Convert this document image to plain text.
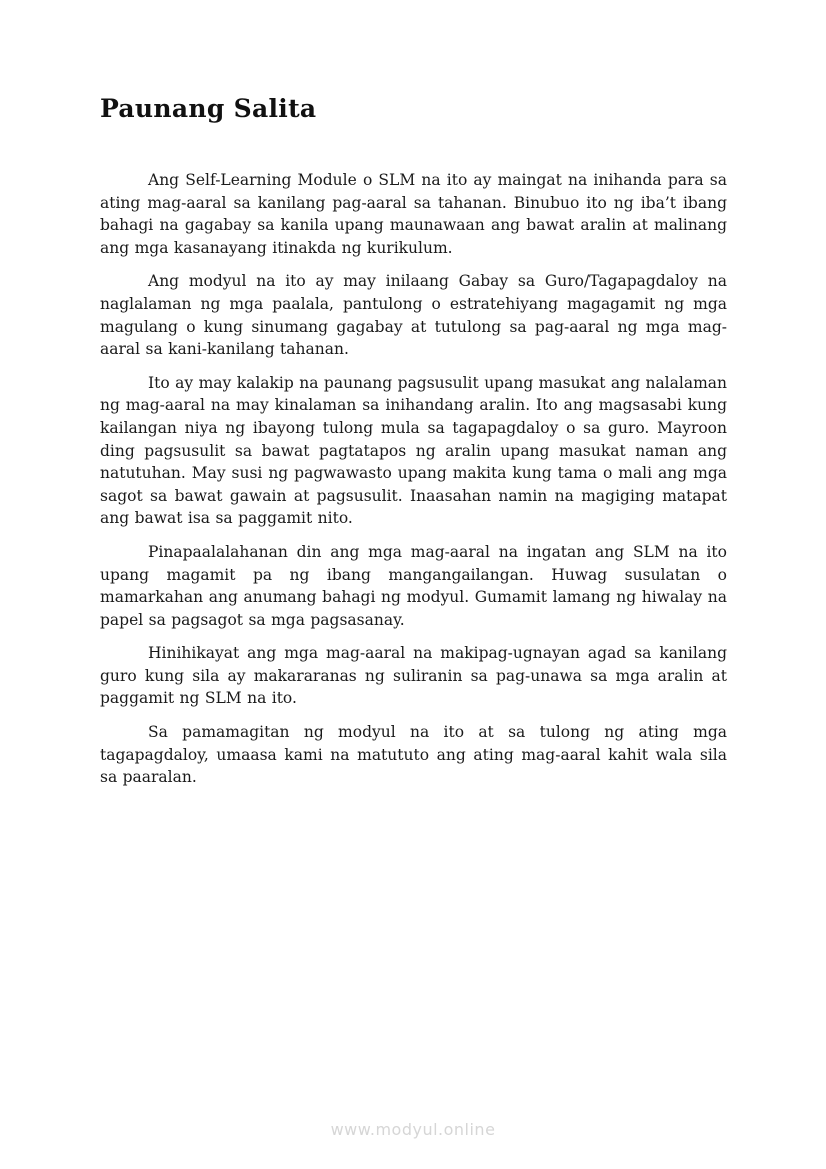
Paunang Salita

Ang Self-Learning Module o SLM na ito ay maingat na inihanda para sa ating mag-aaral sa kanilang pag-aaral sa tahanan. Binubuo ito ng iba’t ibang bahagi na gagabay sa kanila upang maunawaan ang bawat aralin at malinang ang mga kasanayang itinakda ng kurikulum.

Ang modyul na ito ay may inilaang Gabay sa Guro/Tagapagdaloy na naglalaman ng mga paalala, pantulong o estratehiyang magagamit ng mga magulang o kung sinumang gagabay at tutulong sa pag-aaral ng mga mag-aaral sa kani-kanilang tahanan.

Ito ay may kalakip na paunang pagsusulit upang masukat ang nalalaman ng mag-aaral na may kinalaman sa inihandang aralin. Ito ang magsasabi kung kailangan niya ng ibayong tulong mula sa tagapagdaloy o sa guro. Mayroon ding pagsusulit sa bawat pagtatapos ng aralin upang masukat naman ang natutuhan. May susi ng pagwawasto upang makita kung tama o mali ang mga sagot sa bawat gawain at pagsusulit. Inaasahan namin na magiging matapat ang bawat isa sa paggamit nito.

Pinapaalalahanan din ang mga mag-aaral na ingatan ang SLM na ito upang magamit pa ng ibang mangangailangan. Huwag susulatan o mamarkahan ang anumang bahagi ng modyul. Gumamit lamang ng hiwalay na papel sa pagsagot sa mga pagsasanay.

Hinihikayat ang mga mag-aaral na makipag-ugnayan agad sa kanilang guro kung sila ay makararanas ng suliranin sa pag-unawa sa mga aralin at paggamit ng SLM na ito.

Sa pamamagitan ng modyul na ito at sa tulong ng ating mga tagapagdaloy, umaasa kami na matututo ang ating mag-aaral kahit wala sila sa paaralan.

www.modyul.online
